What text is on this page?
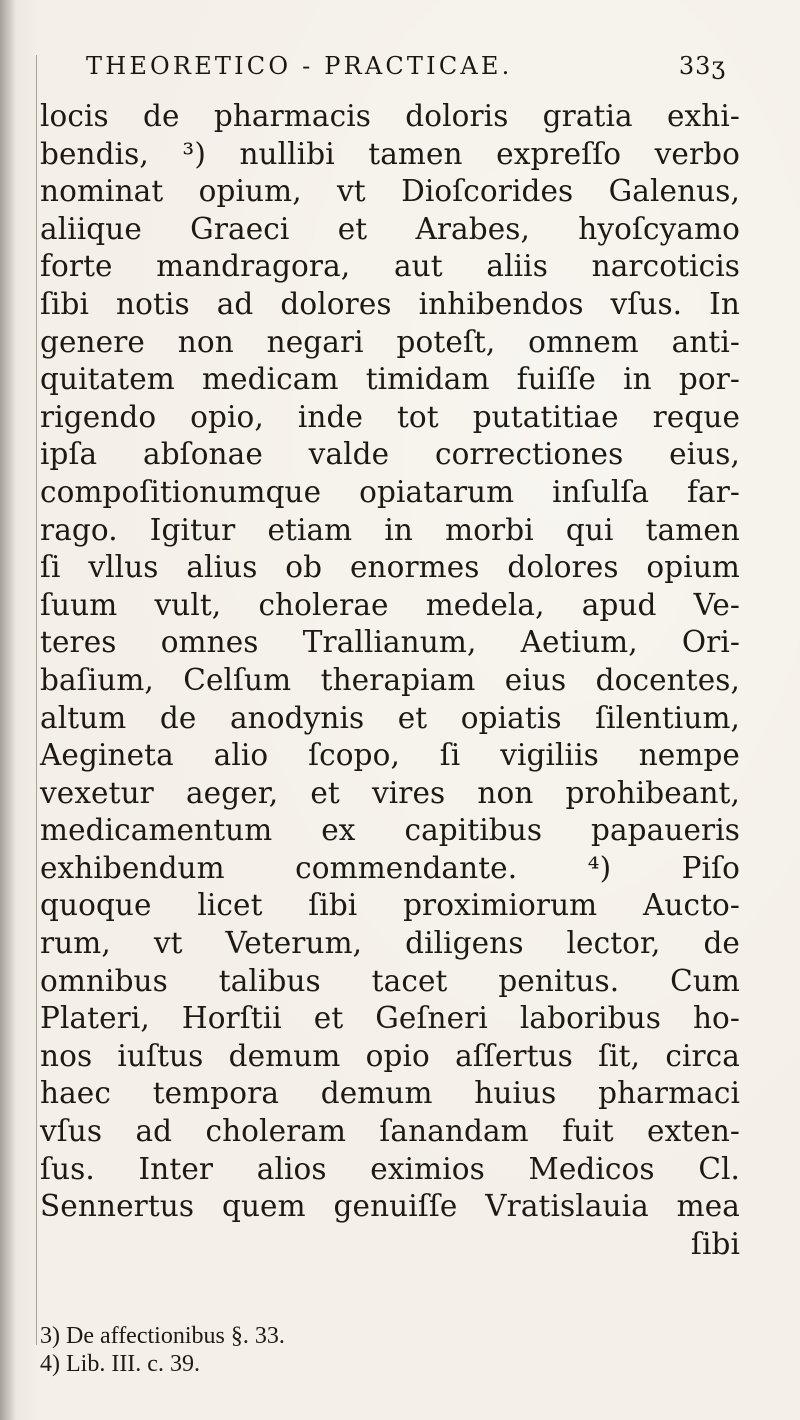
THEORETICO - PRACTICAE.	33ʒ
locis de pharmacis doloris gratia exhi-
bendis, ³) nullibi tamen expreſſo verbo
nominat opium, vt Dioſcorides Galenus,
aliique Graeci et Arabes, hyoſcyamo
forte mandragora, aut aliis narcoticis
ſibi notis ad dolores inhibendos vſus. In
genere non negari poteſt, omnem anti-
quitatem medicam timidam fuiſſe in por-
rigendo opio, inde tot putatitiae reque
ipſa abſonae valde correctiones eius,
compoſitionumque opiatarum inſulſa far-
rago. Igitur etiam in morbi qui tamen
ſi vllus alius ob enormes dolores opium
ſuum vult, cholerae medela, apud Ve-
teres omnes Trallianum, Aetium, Ori-
baſium, Celſum therapiam eius docentes,
altum de anodynis et opiatis ſilentium,
Aegineta alio ſcopo, ſi vigiliis nempe
vexetur aeger, et vires non prohibeant,
medicamentum ex capitibus papaueris
exhibendum commendante. ⁴) Piſo
quoque licet ſibi proximiorum Aucto-
rum, vt Veterum, diligens lector, de
omnibus talibus tacet penitus. Cum
Plateri, Horſtii et Geſneri laboribus ho-
nos iuſtus demum opio aſſertus ſit, circa
haec tempora demum huius pharmaci
vſus ad choleram ſanandam fuit exten-
ſus. Inter alios eximios Medicos Cl.
Sennertus quem genuiſſe Vratislauia mea
ſibi
3) De affectionibus §. 33.
4) Lib. III. c. 39.
